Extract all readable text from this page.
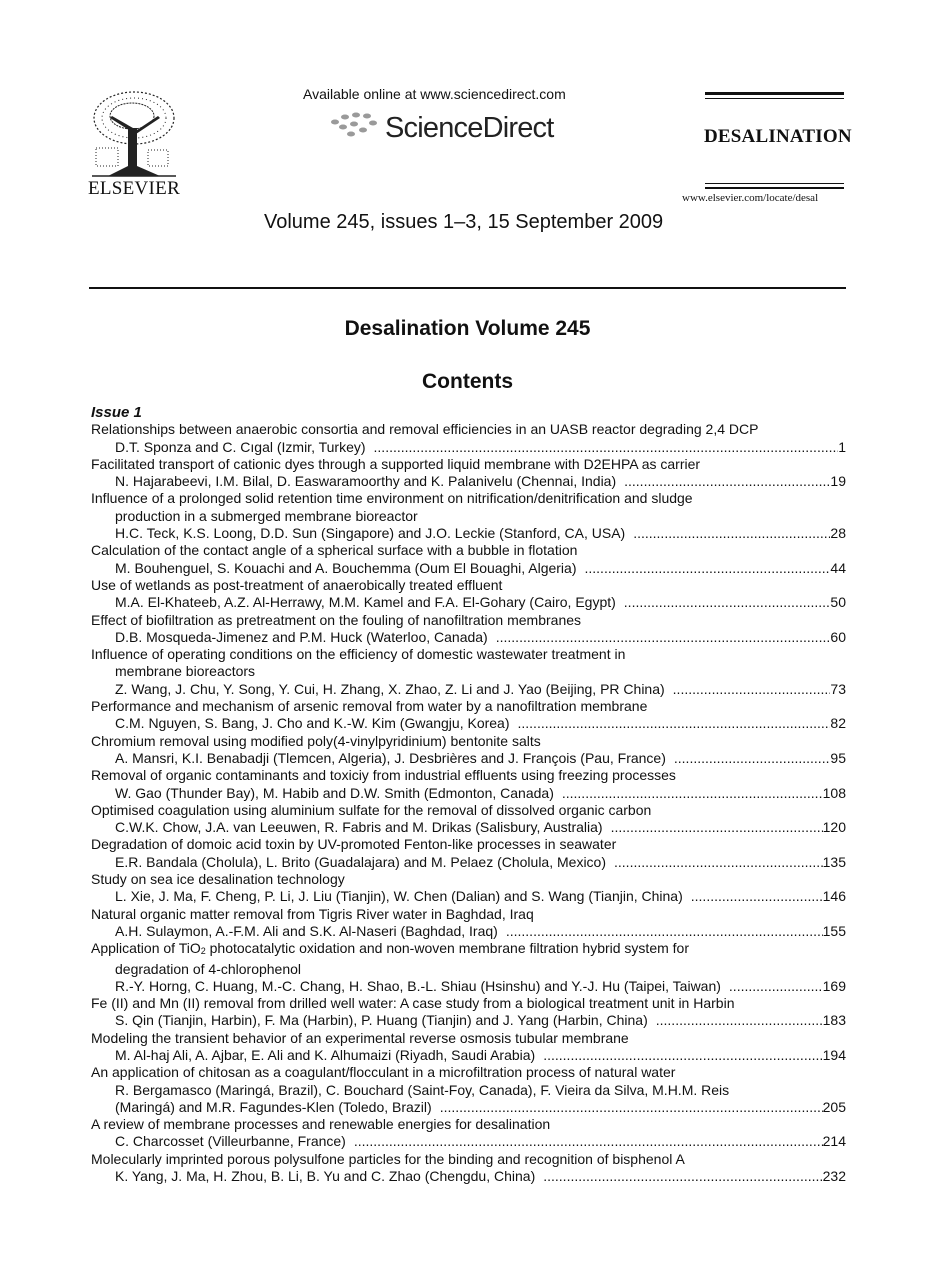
ELSEVIER
Available online at www.sciencedirect.com
ScienceDirect	DESALINATION
www.elsevier.com/locate/desal
Volume 245, issues 1–3, 15 September 2009
Desalination Volume 245
Contents
Issue 1
Relationships between anaerobic consortia and removal efficiencies in an UASB reactor degrading 2,4 DCP
D.T. Sponza and C. Cıgal (Izmir, Turkey) .....	1
Facilitated transport of cationic dyes through a supported liquid membrane with D2EHPA as carrier
N. Hajarabeevi, I.M. Bilal, D. Easwaramoorthy and K. Palanivelu (Chennai, India) .....	19
Influence of a prolonged solid retention time environment on nitrification/denitrification and sludge
production in a submerged membrane bioreactor
H.C. Teck, K.S. Loong, D.D. Sun (Singapore) and J.O. Leckie (Stanford, CA, USA) .....	28
Calculation of the contact angle of a spherical surface with a bubble in flotation
M. Bouhenguel, S. Kouachi and A. Bouchemma (Oum El Bouaghi, Algeria) .....	44
Use of wetlands as post-treatment of anaerobically treated effluent
M.A. El-Khateeb, A.Z. Al-Herrawy, M.M. Kamel and F.A. El-Gohary (Cairo, Egypt) .....	50
Effect of biofiltration as pretreatment on the fouling of nanofiltration membranes
D.B. Mosqueda-Jimenez and P.M. Huck (Waterloo, Canada) .....	60
Influence of operating conditions on the efficiency of domestic wastewater treatment in
membrane bioreactors
Z. Wang, J. Chu, Y. Song, Y. Cui, H. Zhang, X. Zhao, Z. Li and J. Yao (Beijing, PR China) .....	73
Performance and mechanism of arsenic removal from water by a nanofiltration membrane
C.M. Nguyen, S. Bang, J. Cho and K.-W. Kim (Gwangju, Korea) .....	82
Chromium removal using modified poly(4-vinylpyridinium) bentonite salts
A. Mansri, K.I. Benabadji (Tlemcen, Algeria), J. Desbrières and J. François (Pau, France) .....	95
Removal of organic contaminants and toxiciy from industrial effluents using freezing processes
W. Gao (Thunder Bay), M. Habib and D.W. Smith (Edmonton, Canada) .....	108
Optimised coagulation using aluminium sulfate for the removal of dissolved organic carbon
C.W.K. Chow, J.A. van Leeuwen, R. Fabris and M. Drikas (Salisbury, Australia) .....	120
Degradation of domoic acid toxin by UV-promoted Fenton-like processes in seawater
E.R. Bandala (Cholula), L. Brito (Guadalajara) and M. Pelaez (Cholula, Mexico) .....	135
Study on sea ice desalination technology
L. Xie, J. Ma, F. Cheng, P. Li, J. Liu (Tianjin), W. Chen (Dalian) and S. Wang (Tianjin, China) .....	146
Natural organic matter removal from Tigris River water in Baghdad, Iraq
A.H. Sulaymon, A.-F.M. Ali and S.K. Al-Naseri (Baghdad, Iraq) .....	155
Application of TiO$_2$ photocatalytic oxidation and non-woven membrane filtration hybrid system for
degradation of 4-chlorophenol
R.-Y. Horng, C. Huang, M.-C. Chang, H. Shao, B.-L. Shiau (Hsinshu) and Y.-J. Hu (Taipei, Taiwan) .....	169
Fe (II) and Mn (II) removal from drilled well water: A case study from a biological treatment unit in Harbin
S. Qin (Tianjin, Harbin), F. Ma (Harbin), P. Huang (Tianjin) and J. Yang (Harbin, China) .....	183
Modeling the transient behavior of an experimental reverse osmosis tubular membrane
M. Al-haj Ali, A. Ajbar, E. Ali and K. Alhumaizi (Riyadh, Saudi Arabia) .....	194
An application of chitosan as a coagulant/flocculant in a microfiltration process of natural water
R. Bergamasco (Maringá, Brazil), C. Bouchard (Saint-Foy, Canada), F. Vieira da Silva, M.H.M. Reis
(Maringá) and M.R. Fagundes-Klen (Toledo, Brazil) .....	205
A review of membrane processes and renewable energies for desalination
C. Charcosset (Villeurbanne, France) .....	214
Molecularly imprinted porous polysulfone particles for the binding and recognition of bisphenol A
K. Yang, J. Ma, H. Zhou, B. Li, B. Yu and C. Zhao (Chengdu, China) .....	232
